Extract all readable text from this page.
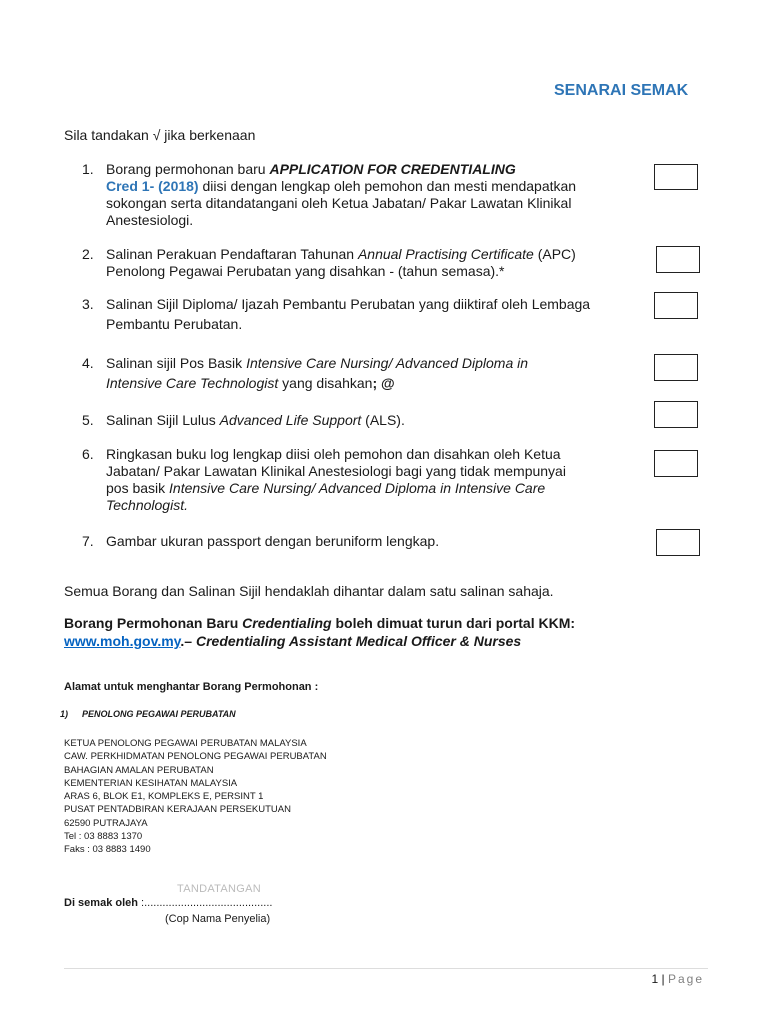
SENARAI SEMAK
Sila tandakan √ jika berkenaan
1. Borang permohonan baru APPLICATION FOR CREDENTIALING
Cred 1- (2018) diisi dengan lengkap oleh pemohon dan mesti mendapatkan
sokongan serta ditandatangani oleh Ketua Jabatan/ Pakar Lawatan Klinikal
Anestesiologi.
2. Salinan Perakuan Pendaftaran Tahunan Annual Practising Certificate (APC)
Penolong Pegawai Perubatan yang disahkan - (tahun semasa).*
3. Salinan Sijil Diploma/ Ijazah Pembantu Perubatan yang diiktiraf oleh Lembaga
Pembantu Perubatan.
4. Salinan sijil Pos Basik Intensive Care Nursing/ Advanced Diploma in
Intensive Care Technologist yang disahkan; @
5. Salinan Sijil Lulus Advanced Life Support (ALS).
6. Ringkasan buku log lengkap diisi oleh pemohon dan disahkan oleh Ketua
Jabatan/ Pakar Lawatan Klinikal Anestesiologi bagi yang tidak mempunyai
pos basik Intensive Care Nursing/ Advanced Diploma in Intensive Care
Technologist.
7. Gambar ukuran passport dengan beruniform lengkap.
Semua Borang dan Salinan Sijil hendaklah dihantar dalam satu salinan sahaja.
Borang Permohonan Baru Credentialing boleh dimuat turun dari portal KKM:
www.moh.gov.my.– Credentialing Assistant Medical Officer & Nurses
Alamat untuk menghantar Borang Permohonan :
1) PENOLONG PEGAWAI PERUBATAN
KETUA PENOLONG PEGAWAI PERUBATAN MALAYSIA
CAW. PERKHIDMATAN PENOLONG PEGAWAI PERUBATAN
BAHAGIAN AMALAN PERUBATAN
KEMENTERIAN KESIHATAN MALAYSIA
ARAS 6, BLOK E1, KOMPLEKS E, PERSINT 1
PUSAT PENTADBIRAN KERAJAAN PERSEKUTUAN
62590 PUTRAJAYA
Tel : 03 8883 1370
Faks : 03 8883 1490
TANDATANGAN
Di semak oleh :..........................................
(Cop Nama Penyelia)
1 | Page
